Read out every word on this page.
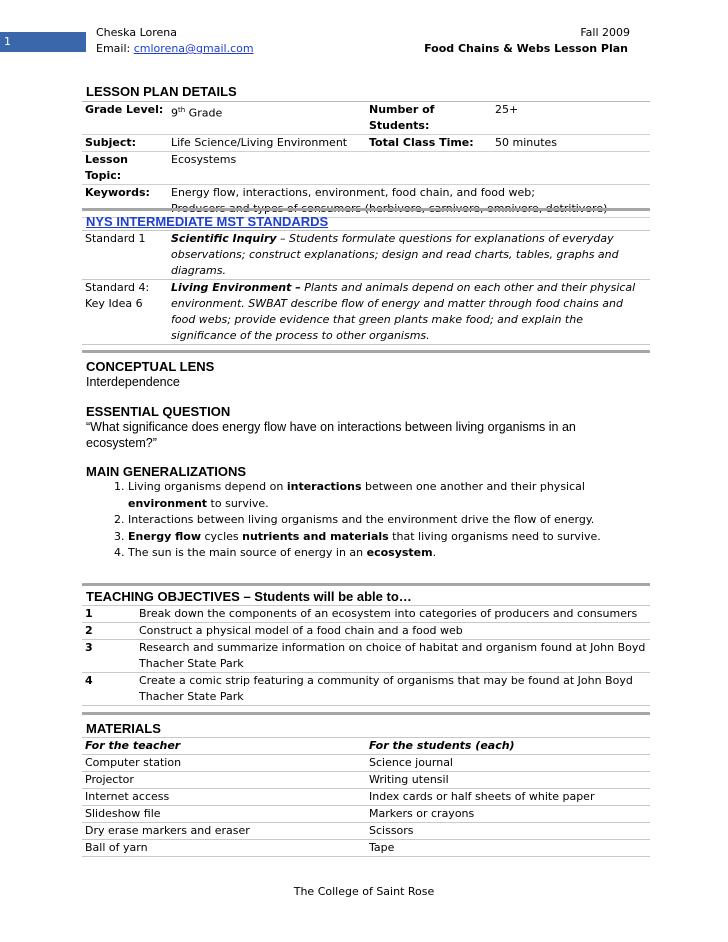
1
Cheska Lorena
Email: cmlorena@gmail.com
Fall 2009
Food Chains & Webs Lesson Plan
LESSON PLAN DETAILS
Grade Level:	9th Grade	Number of Students:	25+
Subject:	Life Science/Living Environment	Total Class Time:	50 minutes
Lesson Topic:	Ecosystems		
Keywords:	Energy flow, interactions, environment, food chain, and food web;		
NYS INTERMEDIATE MST STANDARDS
Standard 1	Scientific Inquiry – Students formulate questions for explanations of everyday observations; construct explanations; design and read charts, tables, graphs and diagrams.

Standard 4:
Key Idea 6	Living Environment – Plants and animals depend on each other and their physical environment. SWBAT describe flow of energy and matter through food chains and food webs; provide evidence that green plants make food; and explain the significance of the process to other organisms.
CONCEPTUAL LENS
Interdependence
ESSENTIAL QUESTION
“What significance does energy flow have on interactions between living organisms in an ecosystem?”
MAIN GENERALIZATIONS
1. Living organisms depend on interactions between one another and their physical environment to survive.
2. Interactions between living organisms and the environment drive the flow of energy.
3. Energy flow cycles nutrients and materials that living organisms need to survive.
4. The sun is the main source of energy in an ecosystem.
TEACHING OBJECTIVES – Students will be able to…
1	Break down the components of an ecosystem into categories of producers and consumers
2	Construct a physical model of a food chain and a food web
3	Research and summarize information on choice of habitat and organism found at John Boyd Thacher State Park
4	Create a comic strip featuring a community of organisms that may be found at John Boyd Thacher State Park
MATERIALS
For the teacher	For the students (each)
Computer station	Science journal
Projector	Writing utensil
Internet access	Index cards or half sheets of white paper
Slideshow file	Markers or crayons
Dry erase markers and eraser	Scissors
Ball of yarn	Tape
The College of Saint Rose
